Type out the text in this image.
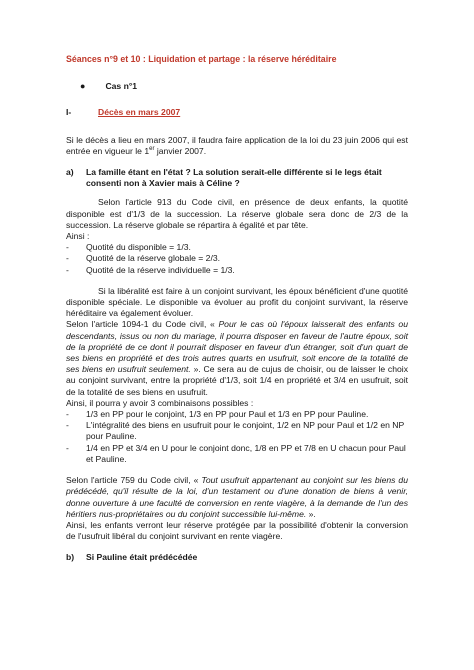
Séances n°9 et 10 : Liquidation et partage : la réserve héréditaire
● Cas n°1
I-	Décès en mars 2007

Si le décès a lieu en mars 2007, il faudra faire application de la loi du 23 juin 2006 qui est entrée en vigueur le 1er janvier 2007.

a)	La famille étant en l'état ? La solution serait-elle différente si le legs était consenti non à Xavier mais à Céline ?

Selon l'article 913 du Code civil, en présence de deux enfants, la quotité disponible est d'1/3 de la succession. La réserve globale sera donc de 2/3 de la succession. La réserve globale se répartira à égalité et par tête.

Ainsi :

-	Quotité du disponible = 1/3.
-	Quotité de la réserve globale = 2/3.
-	Quotité de la réserve individuelle = 1/3.

Si la libéralité est faire à un conjoint survivant, les époux bénéficient d'une quotité disponible spéciale. Le disponible va évoluer au profit du conjoint survivant, la réserve héréditaire va également évoluer.

Selon l'article 1094-1 du Code civil, « Pour le cas où l'époux laisserait des enfants ou descendants, issus ou non du mariage, il pourra disposer en faveur de l'autre époux, soit de la propriété de ce dont il pourrait disposer en faveur d'un étranger, soit d'un quart de ses biens en propriété et des trois autres quarts en usufruit, soit encore de la totalité de ses biens en usufruit seulement. ». Ce sera au de cujus de choisir, ou de laisser le choix au conjoint survivant, entre la propriété d'1/3, soit 1/4 en propriété et 3/4 en usufruit, soit de la totalité de ses biens en usufruit.

Ainsi, il pourra y avoir 3 combinaisons possibles :

-	1/3 en PP pour le conjoint, 1/3 en PP pour Paul et 1/3 en PP pour Pauline.
-	L'intégralité des biens en usufruit pour le conjoint, 1/2 en NP pour Paul et 1/2 en NP pour Pauline.
-	1/4 en PP et 3/4 en U pour le conjoint donc, 1/8 en PP et 7/8 en U chacun pour Paul et Pauline.

Selon l'article 759 du Code civil, « Tout usufruit appartenant au conjoint sur les biens du prédécédé, qu'il résulte de la loi, d'un testament ou d'une donation de biens à venir, donne ouverture à une faculté de conversion en rente viagère, à la demande de l'un des héritiers nus-propriétaires ou du conjoint successible lui-même. ».

Ainsi, les enfants verront leur réserve protégée par la possibilité d'obtenir la conversion de l'usufruit libéral du conjoint survivant en rente viagère.

b)	Si Pauline était prédécédée
